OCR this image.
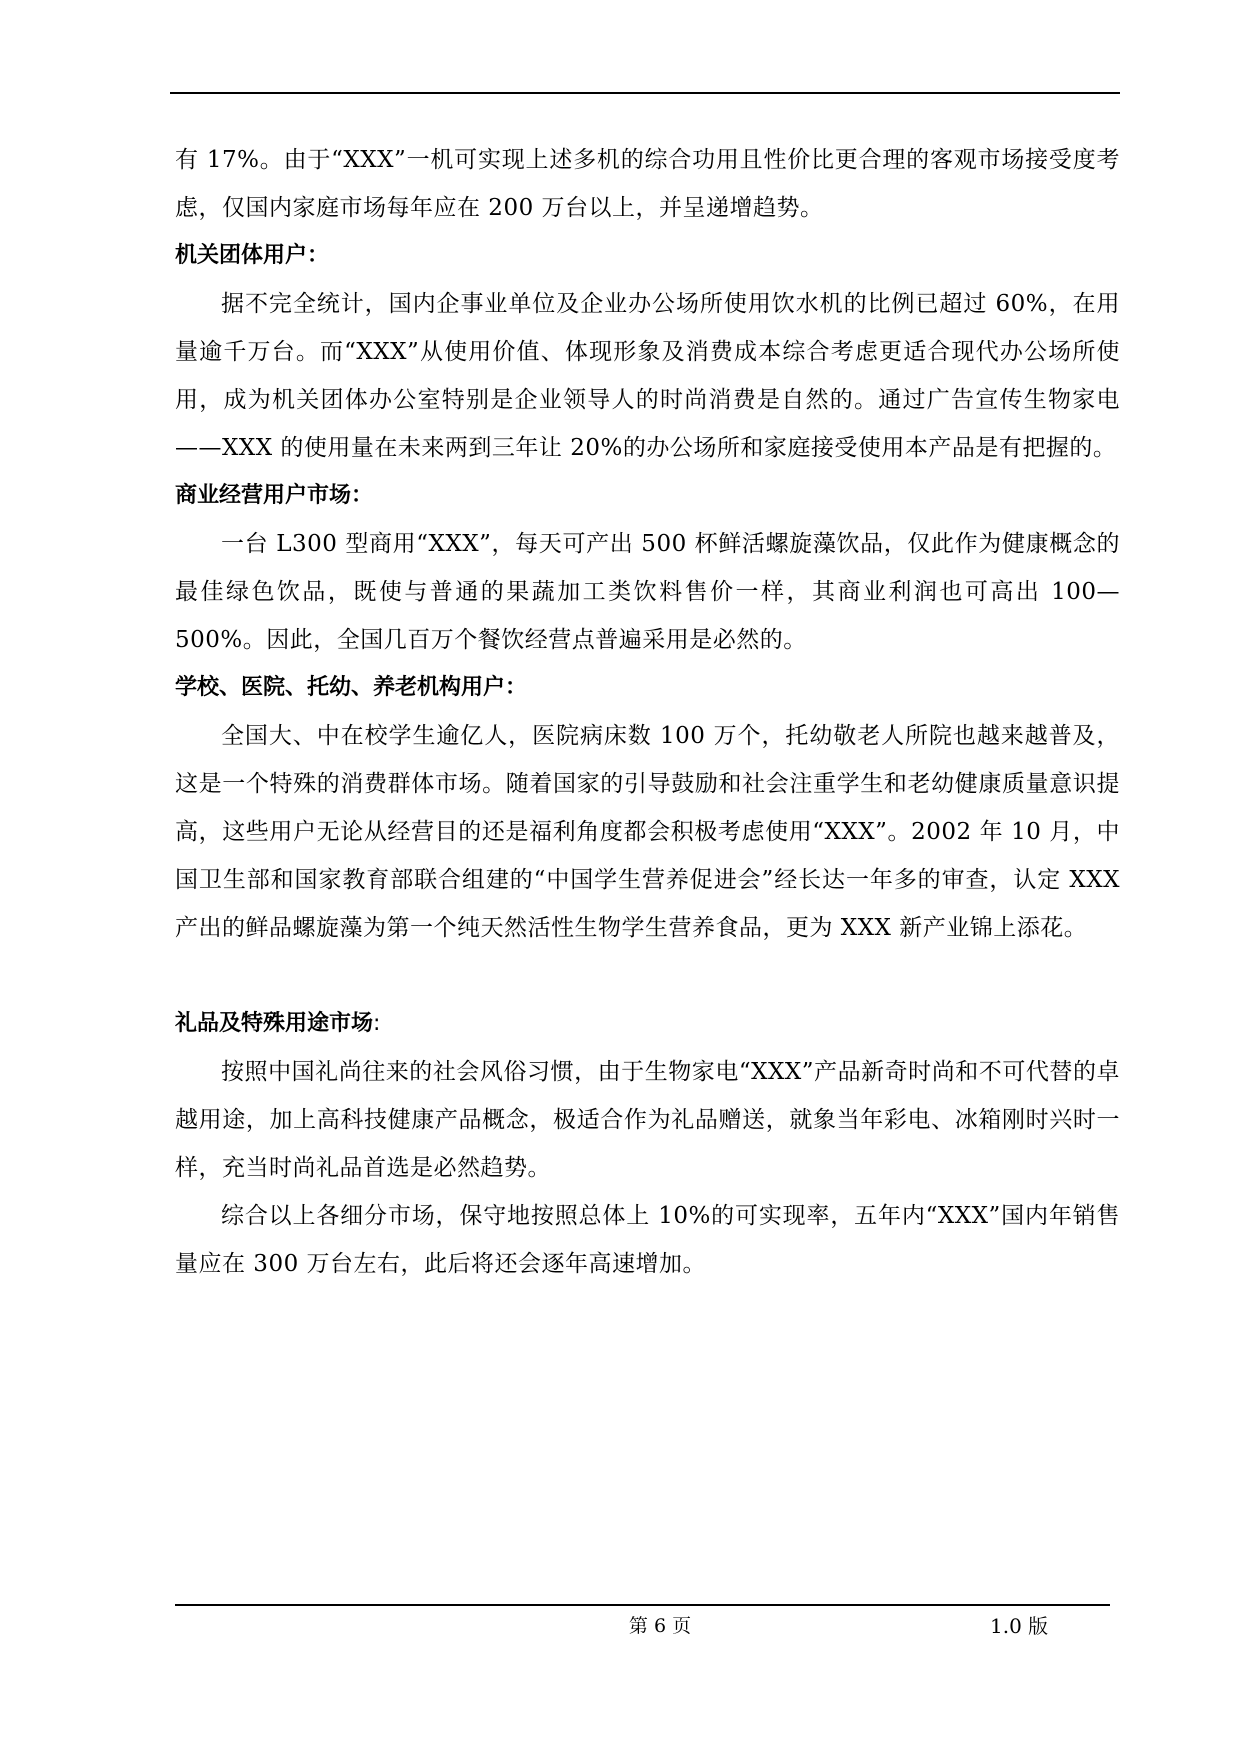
有 17%。由于“XXX”一机可实现上述多机的综合功用且性价比更合理的客观市场接受度考虑，仅国内家庭市场每年应在 200 万台以上，并呈递增趋势。

机关团体用户：

据不完全统计，国内企事业单位及企业办公场所使用饮水机的比例已超过 60%，在用量逾千万台。而“XXX”从使用价值、体现形象及消费成本综合考虑更适合现代办公场所使用，成为机关团体办公室特别是企业领导人的时尚消费是自然的。通过广告宣传生物家电——XXX 的使用量在未来两到三年让 20%的办公场所和家庭接受使用本产品是有把握的。

商业经营用户市场：

一台 L300 型商用“XXX”，每天可产出 500 杯鲜活螺旋藻饮品，仅此作为健康概念的最佳绿色饮品，既使与普通的果蔬加工类饮料售价一样，其商业利润也可高出 100—500%。因此，全国几百万个餐饮经营点普遍采用是必然的。

学校、医院、托幼、养老机构用户：

全国大、中在校学生逾亿人，医院病床数 100 万个，托幼敬老人所院也越来越普及，这是一个特殊的消费群体市场。随着国家的引导鼓励和社会注重学生和老幼健康质量意识提高，这些用户无论从经营目的还是福利角度都会积极考虑使用“XXX”。2002 年 10 月，中国卫生部和国家教育部联合组建的“中国学生营养促进会”经长达一年多的审查，认定 XXX 产出的鲜品螺旋藻为第一个纯天然活性生物学生营养食品，更为 XXX 新产业锦上添花。

礼品及特殊用途市场:

按照中国礼尚往来的社会风俗习惯，由于生物家电“XXX”产品新奇时尚和不可代替的卓越用途，加上高科技健康产品概念，极适合作为礼品赠送，就象当年彩电、冰箱刚时兴时一样，充当时尚礼品首选是必然趋势。

综合以上各细分市场，保守地按照总体上 10%的可实现率，五年内“XXX”国内年销售量应在 300 万台左右，此后将还会逐年高速增加。

第 6 页	1.0 版
